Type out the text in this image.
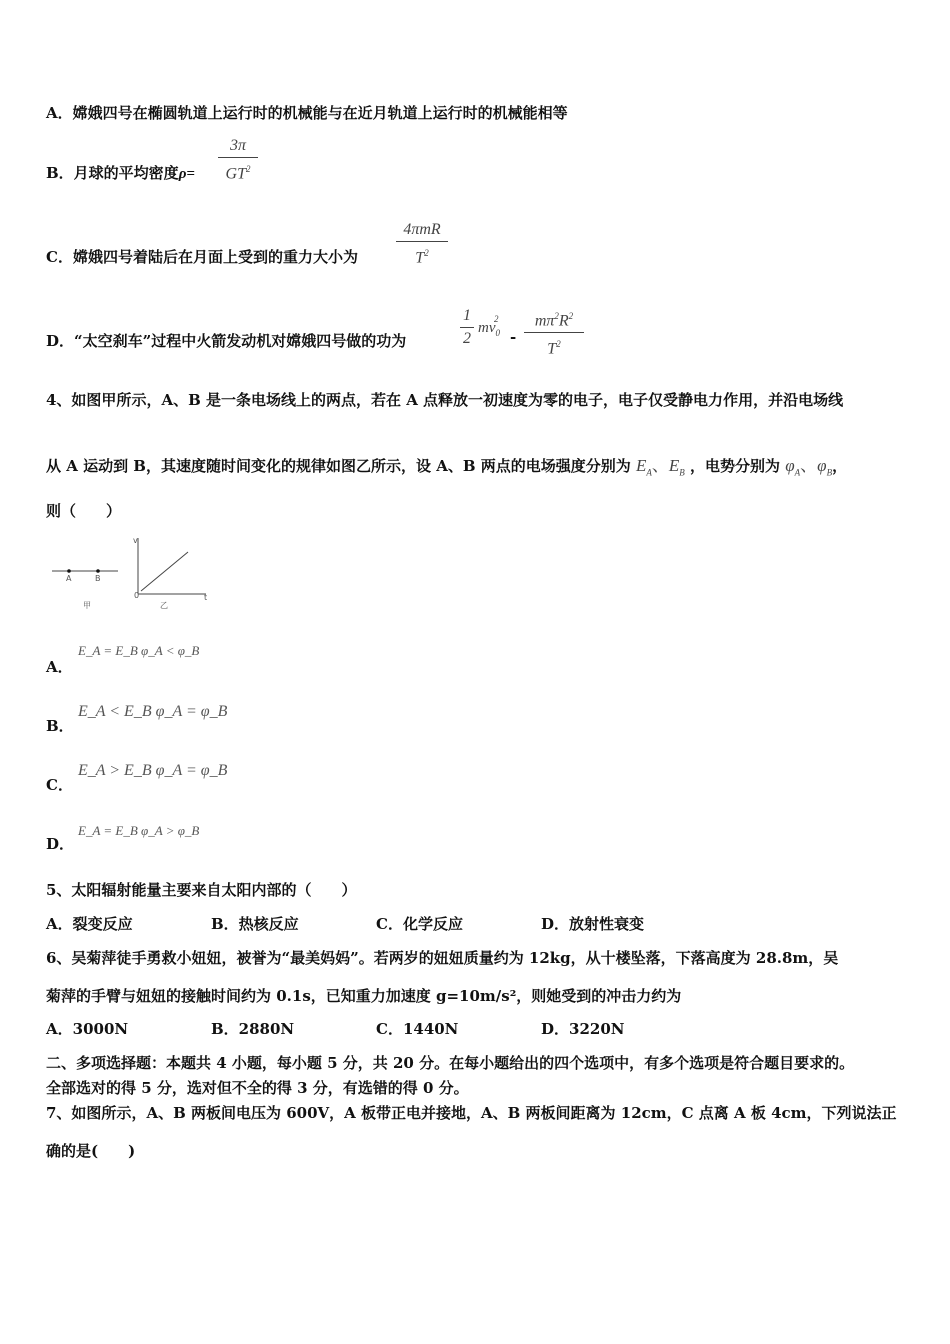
A．嫦娥四号在椭圆轨道上运行时的机械能与在近月轨道上运行时的机械能相等
B．月球的平均密度ρ=
3π
$GT^2$
C．嫦娥四号着陆后在月面上受到的重力大小为
4πmR
$T^2$
D．“太空刹车”过程中火箭发动机对嫦娥四号做的功为
1
2
$mv_0^2$
-
$m\pi^2R^2$
$T^2$
4、如图甲所示，A、B 是一条电场线上的两点，若在 A 点释放一初速度为零的电子，电子仅受静电力作用，并沿电场线
从 A 运动到 B，其速度随时间变化的规律如图乙所示，设 A、B 两点的电场强度分别为 $E_A$、$E_B$ ，电势分别为 $\varphi_A$、$\varphi_B$，
则（　　）
A	B
甲
v
0	t
乙
A．
E_A = E_B φ_A < φ_B
B．
E_A < E_B φ_A = φ_B
C．
E_A > E_B φ_A = φ_B
D．
E_A = E_B φ_A > φ_B
5、太阳辐射能量主要来自太阳内部的（　　）
A．裂变反应	B．热核反应	C．化学反应	D．放射性衰变
6、吴菊萍徒手勇救小妞妞，被誉为“最美妈妈”。若两岁的妞妞质量约为 12kg，从十楼坠落，下落高度为 28.8m，吴
菊萍的手臂与妞妞的接触时间约为 0.1s，已知重力加速度 g=10m/s²，则她受到的冲击力约为
A．3000N	B．2880N	C．1440N	D．3220N
二、多项选择题：本题共 4 小题，每小题 5 分，共 20 分。在每小题给出的四个选项中，有多个选项是符合题目要求的。
全部选对的得 5 分，选对但不全的得 3 分，有选错的得 0 分。
7、如图所示，A、B 两板间电压为 600V，A 板带正电并接地，A、B 两板间距离为 12cm，C 点离 A 板 4cm，下列说法正
确的是(　　)
